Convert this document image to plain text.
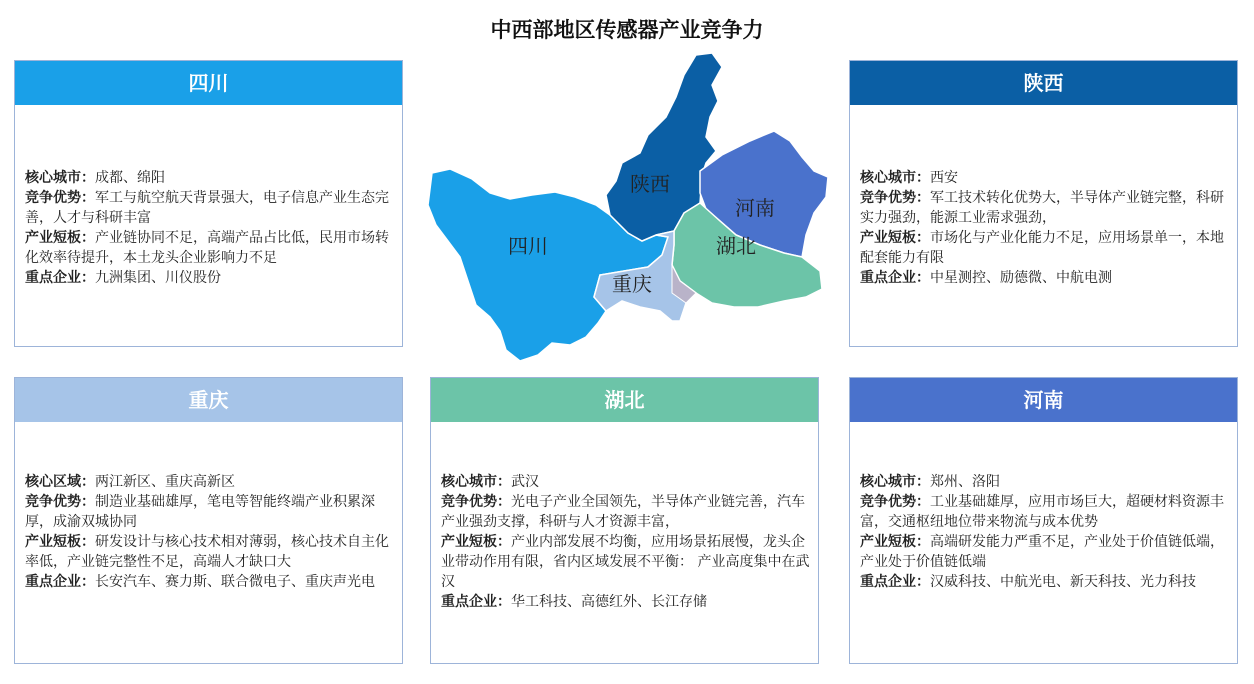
中西部地区传感器产业竞争力
陕西
河南
湖北
四川
重庆
四川
核心城市：成都、绵阳
竞争优势：军工与航空航天背景强大，电子信息产业生态完善，人才与科研丰富
产业短板：产业链协同不足，高端产品占比低，民用市场转化效率待提升，本土龙头企业影响力不足
重点企业：九洲集团、川仪股份
陕西
核心城市：西安
竞争优势：军工技术转化优势大，半导体产业链完整，科研实力强劲，能源工业需求强劲，
产业短板：市场化与产业化能力不足，应用场景单一，本地配套能力有限
重点企业：中星测控、励德微、中航电测
重庆
核心区域：两江新区、重庆高新区
竞争优势：制造业基础雄厚，笔电等智能终端产业积累深厚，成渝双城协同
产业短板：研发设计与核心技术相对薄弱，核心技术自主化率低，产业链完整性不足，高端人才缺口大
重点企业：长安汽车、赛力斯、联合微电子、重庆声光电
湖北
核心城市：武汉
竞争优势：光电子产业全国领先，半导体产业链完善，汽车产业强劲支撑，科研与人才资源丰富，
产业短板：产业内部发展不均衡，应用场景拓展慢，龙头企业带动作用有限，省内区域发展不平衡： 产业高度集中在武汉
重点企业：华工科技、高德红外、长江存储
河南
核心城市：郑州、洛阳
竞争优势：工业基础雄厚，应用市场巨大，超硬材料资源丰富，交通枢纽地位带来物流与成本优势
产业短板：高端研发能力严重不足，产业处于价值链低端，产业处于价值链低端
重点企业：汉威科技、中航光电、新天科技、光力科技
